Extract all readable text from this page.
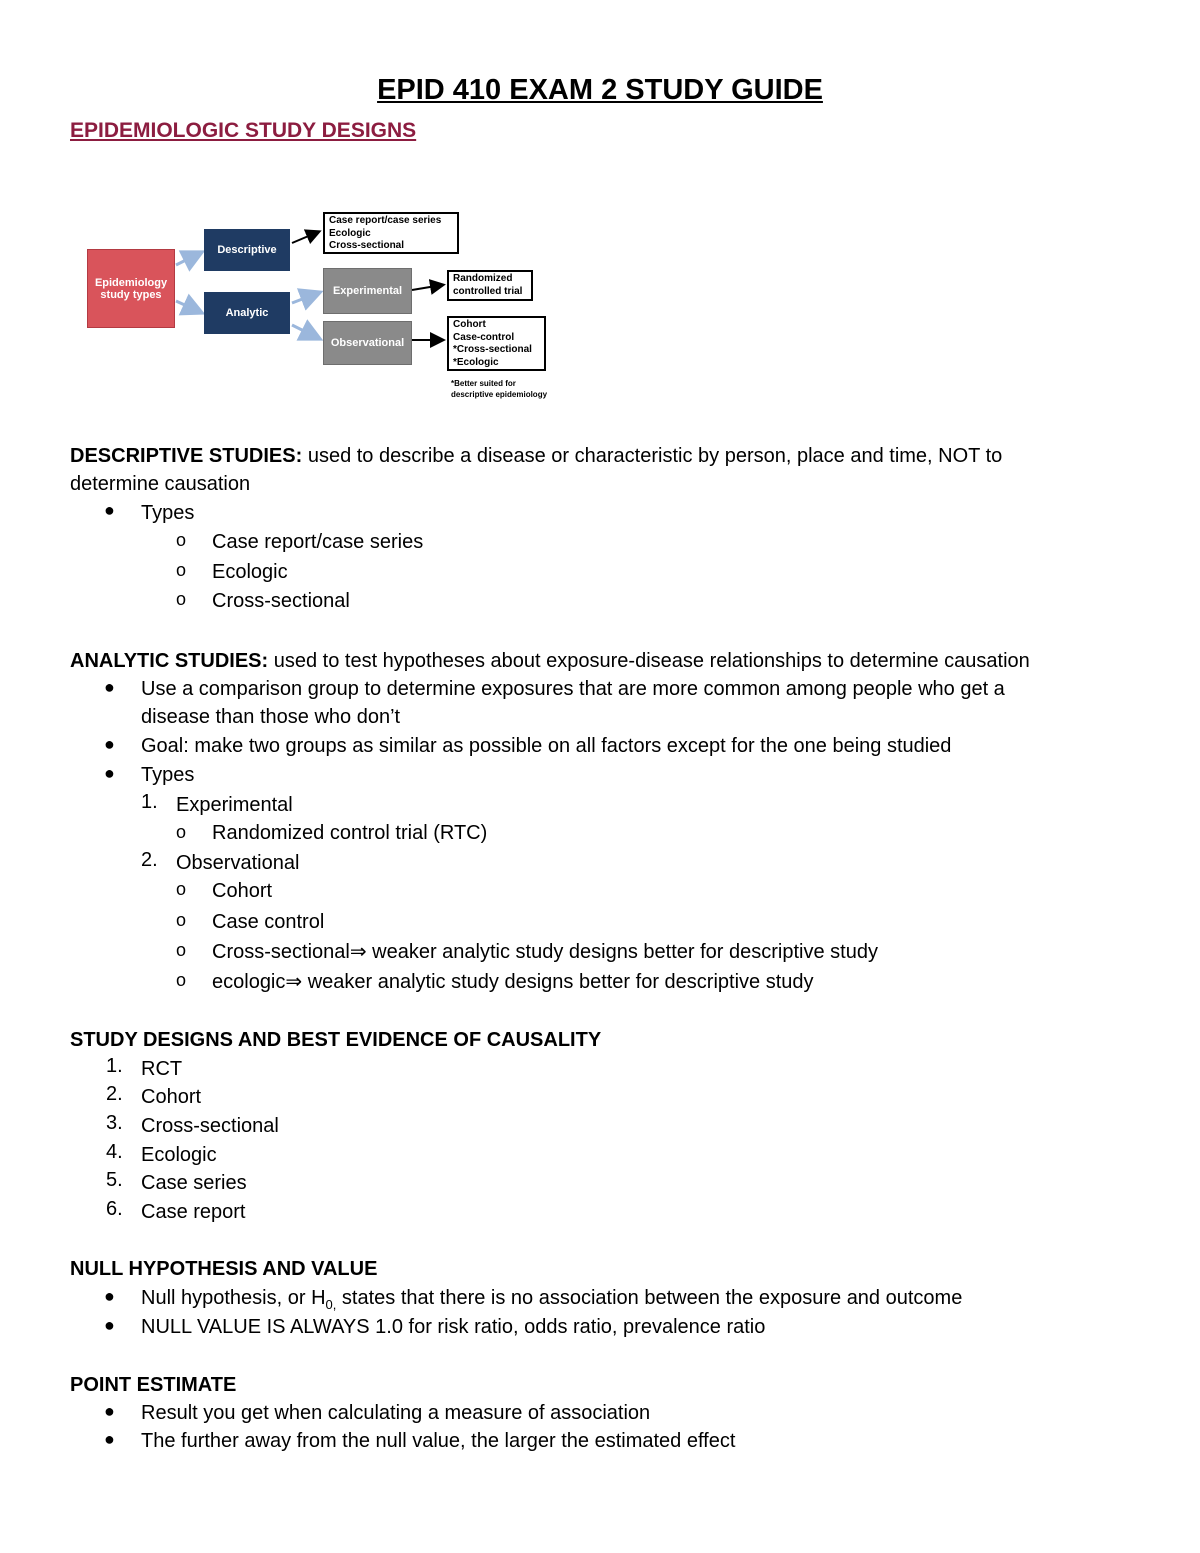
EPID 410 EXAM 2 STUDY GUIDE
EPIDEMIOLOGIC STUDY DESIGNS
Epidemiology study types
Descriptive
Analytic
Experimental
Observational
Case report/case series
Ecologic
Cross-sectional
Randomized
controlled trial
Cohort
Case-control
*Cross-sectional
*Ecologic
*Better suited for
descriptive epidemiology
DESCRIPTIVE STUDIES: used to describe a disease or characteristic by person, place and time, NOT to
determine causation
● Types
o Case report/case series
o Ecologic
o Cross-sectional
ANALYTIC STUDIES: used to test hypotheses about exposure-disease relationships to determine causation
● Use a comparison group to determine exposures that are more common among people who get a
disease than those who don’t
● Goal: make two groups as similar as possible on all factors except for the one being studied
● Types
1. Experimental
o Randomized control trial (RTC)
2. Observational
o Cohort
o Case control
o Cross-sectional⇒ weaker analytic study designs better for descriptive study
o ecologic⇒ weaker analytic study designs better for descriptive study
STUDY DESIGNS AND BEST EVIDENCE OF CAUSALITY
1. RCT
2. Cohort
3. Cross-sectional
4. Ecologic
5. Case series
6. Case report
NULL HYPOTHESIS AND VALUE
● Null hypothesis, or $H_{0,}$ states that there is no association between the exposure and outcome
● NULL VALUE IS ALWAYS 1.0 for risk ratio, odds ratio, prevalence ratio
POINT ESTIMATE
● Result you get when calculating a measure of association
● The further away from the null value, the larger the estimated effect
